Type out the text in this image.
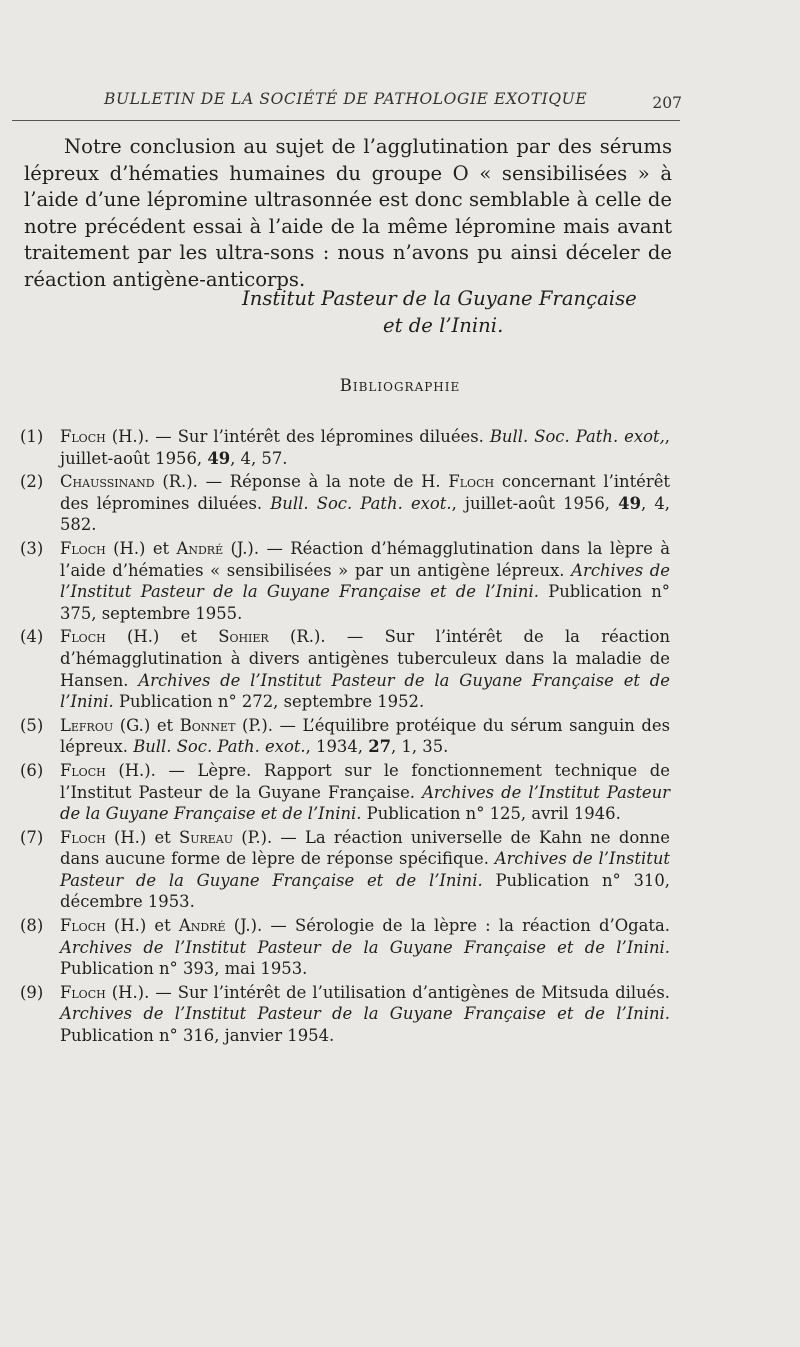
BULLETIN DE LA SOCIÉTÉ DE PATHOLOGIE EXOTIQUE	207

Notre conclusion au sujet de l’agglutination par des sérums lépreux d’hématies humaines du groupe O « sensibilisées » à l’aide d’une lépromine ultrasonnée est donc semblable à celle de notre précédent essai à l’aide de la même lépromine mais avant traitement par les ultra-sons : nous n’avons pu ainsi déceler de réaction antigène-anticorps.

Institut Pasteur de la Guyane Française
et de l’Inini.
Bibliographie
(1) Floch (H.). — Sur l’intérêt des lépromines diluées. Bull. Soc. Path. exot,, juillet-août 1956, 49, 4, 57.
(2) Chaussinand (R.). — Réponse à la note de H. Floch concernant l’intérêt des lépromines diluées. Bull. Soc. Path. exot., juillet-août 1956, 49, 4, 582.
(3) Floch (H.) et André (J.). — Réaction d’hémagglutination dans la lèpre à l’aide d’hématies « sensibilisées » par un antigène lépreux. Archives de l’Institut Pasteur de la Guyane Française et de l’Inini. Publication n° 375, septembre 1955.
(4) Floch (H.) et Sohier (R.). — Sur l’intérêt de la réaction d’hémagglutination à divers antigènes tuberculeux dans la maladie de Hansen. Archives de l’Institut Pasteur de la Guyane Française et de l’Inini. Publication n° 272, septembre 1952.
(5) Lefrou (G.) et Bonnet (P.). — L’équilibre protéique du sérum sanguin des lépreux. Bull. Soc. Path. exot., 1934, 27, 1, 35.
(6) Floch (H.). — Lèpre. Rapport sur le fonctionnement technique de l’Institut Pasteur de la Guyane Française. Archives de l’Institut Pasteur de la Guyane Française et de l’Inini. Publication n° 125, avril 1946.
(7) Floch (H.) et Sureau (P.). — La réaction universelle de Kahn ne donne dans aucune forme de lèpre de réponse spécifique. Archives de l’Institut Pasteur de la Guyane Française et de l’Inini. Publication n° 310, décembre 1953.
(8) Floch (H.) et André (J.). — Sérologie de la lèpre : la réaction d’Ogata. Archives de l’Institut Pasteur de la Guyane Française et de l’Inini. Publication n° 393, mai 1953.
(9) Floch (H.). — Sur l’intérêt de l’utilisation d’antigènes de Mitsuda dilués. Archives de l’Institut Pasteur de la Guyane Française et de l’Inini. Publication n° 316, janvier 1954.
